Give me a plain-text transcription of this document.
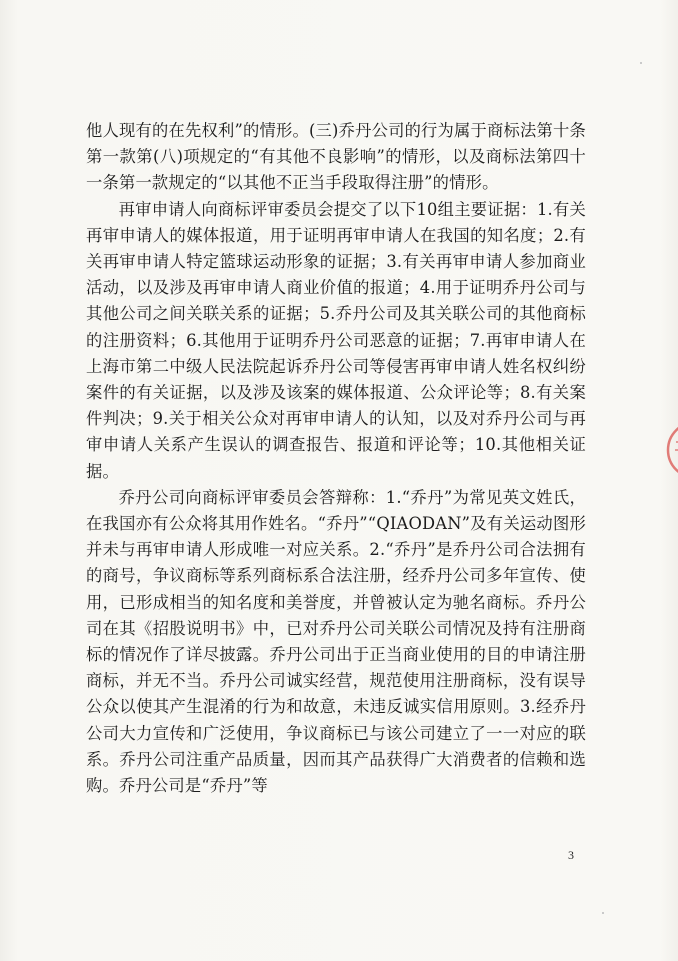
他人现有的在先权利”的情形。(三)乔丹公司的行为属于商标法第十条第一款第(八)项规定的“有其他不良影响”的情形，以及商标法第四十一条第一款规定的“以其他不正当手段取得注册”的情形。

再审申请人向商标评审委员会提交了以下10组主要证据：1.有关再审申请人的媒体报道，用于证明再审申请人在我国的知名度；2.有关再审申请人特定篮球运动形象的证据；3.有关再审申请人参加商业活动，以及涉及再审申请人商业价值的报道；4.用于证明乔丹公司与其他公司之间关联关系的证据；5.乔丹公司及其关联公司的其他商标的注册资料；6.其他用于证明乔丹公司恶意的证据；7.再审申请人在上海市第二中级人民法院起诉乔丹公司等侵害再审申请人姓名权纠纷案件的有关证据，以及涉及该案的媒体报道、公众评论等；8.有关案件判决；9.关于相关公众对再审申请人的认知，以及对乔丹公司与再审申请人关系产生误认的调查报告、报道和评论等；10.其他相关证据。

乔丹公司向商标评审委员会答辩称：1.“乔丹”为常见英文姓氏，在我国亦有公众将其用作姓名。“乔丹”“QIAODAN”及有关运动图形并未与再审申请人形成唯一对应关系。2.“乔丹”是乔丹公司合法拥有的商号，争议商标等系列商标系合法注册，经乔丹公司多年宣传、使用，已形成相当的知名度和美誉度，并曾被认定为驰名商标。乔丹公司在其《招股说明书》中，已对乔丹公司关联公司情况及持有注册商标的情况作了详尽披露。乔丹公司出于正当商业使用的目的申请注册商标，并无不当。乔丹公司诚实经营，规范使用注册商标，没有误导公众以使其产生混淆的行为和故意，未违反诚实信用原则。3.经乔丹公司大力宣传和广泛使用，争议商标已与该公司建立了一一对应的联系。乔丹公司注重产品质量，因而其产品获得广大消费者的信赖和选购。乔丹公司是“乔丹”等

3
